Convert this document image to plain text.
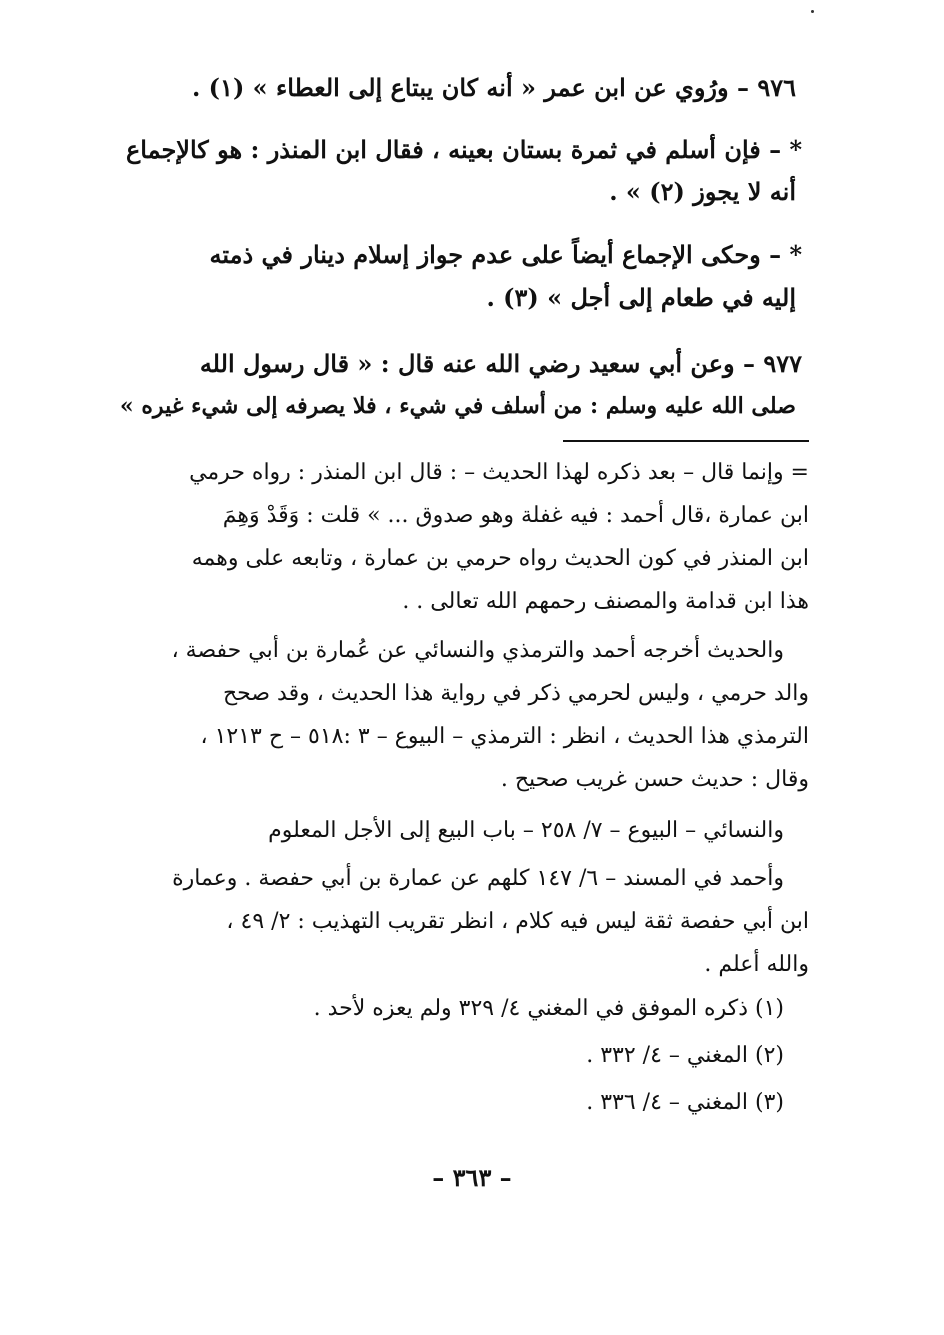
٩٧٦ – ورُوي عن ابن عمر « أنه كان يبتاع إلى العطاء » (١) .
* – فإن أسلم في ثمرة بستان بعينه ، فقال ابن المنذر : هو كالإجماع
أنه لا يجوز (٢) » .
* – وحكى الإجماع أيضاً على عدم جواز إسلام دينار في ذمته
إليه في طعام إلى أجل » (٣) .
٩٧٧ – وعن أبي سعيد رضي الله عنه قال : « قال رسول الله
صلى الله عليه وسلم : من أسلف في شيء ، فلا يصرفه إلى شيء غيره »
= وإنما قال – بعد ذكره لهذا الحديث – : قال ابن المنذر : رواه حرمي
ابن عمارة ،قال أحمد : فيه غفلة وهو صدوق ... » قلت : وَقَدْ وَهِمَ
ابن المنذر في كون الحديث رواه حرمي بن عمارة ، وتابعه على وهمه
هذا ابن قدامة والمصنف رحمهم الله تعالى . .
والحديث أخرجه أحمد والترمذي والنسائي عن عُمارة بن أبي حفصة ،
والد حرمي ، وليس لحرمي ذكر في رواية هذا الحديث ، وقد صحح
الترمذي هذا الحديث ، انظر : الترمذي – البيوع – ٣ :٥١٨ – ح ١٢١٣ ،
وقال : حديث حسن غريب صحيح .
والنسائي – البيوع – ٧/ ٢٥٨ – باب البيع إلى الأجل المعلوم
وأحمد في المسند – ٦/ ١٤٧ كلهم عن عمارة بن أبي حفصة . وعمارة
ابن أبي حفصة ثقة ليس فيه كلام ، انظر تقريب التهذيب : ٢/ ٤٩ ،
والله أعلم .
(١) ذكره الموفق في المغني ٤/ ٣٢٩ ولم يعزه لأحد .
(٢) المغني – ٤/ ٣٣٢ .
(٣) المغني – ٤/ ٣٣٦ .
– ٣٦٣ –
